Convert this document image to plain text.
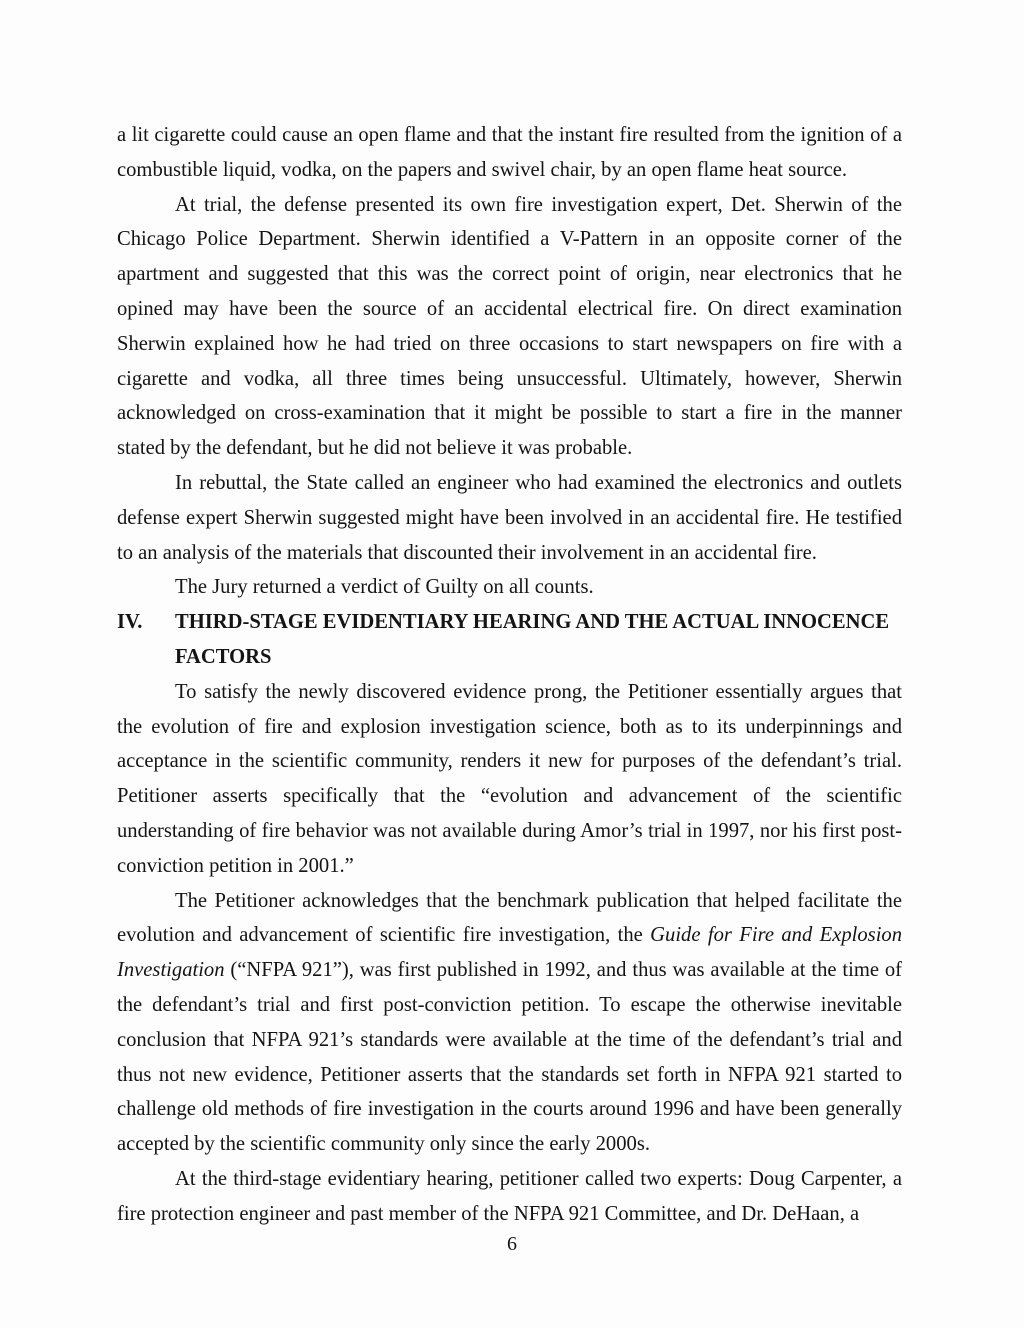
a lit cigarette could cause an open flame and that the instant fire resulted from the ignition of a combustible liquid, vodka, on the papers and swivel chair, by an open flame heat source.

At trial, the defense presented its own fire investigation expert, Det. Sherwin of the Chicago Police Department. Sherwin identified a V-Pattern in an opposite corner of the apartment and suggested that this was the correct point of origin, near electronics that he opined may have been the source of an accidental electrical fire. On direct examination Sherwin explained how he had tried on three occasions to start newspapers on fire with a cigarette and vodka, all three times being unsuccessful. Ultimately, however, Sherwin acknowledged on cross-examination that it might be possible to start a fire in the manner stated by the defendant, but he did not believe it was probable.

In rebuttal, the State called an engineer who had examined the electronics and outlets defense expert Sherwin suggested might have been involved in an accidental fire. He testified to an analysis of the materials that discounted their involvement in an accidental fire.

The Jury returned a verdict of Guilty on all counts.

IV.	THIRD-STAGE EVIDENTIARY HEARING AND THE ACTUAL INNOCENCE FACTORS

To satisfy the newly discovered evidence prong, the Petitioner essentially argues that the evolution of fire and explosion investigation science, both as to its underpinnings and acceptance in the scientific community, renders it new for purposes of the defendant’s trial. Petitioner asserts specifically that the “evolution and advancement of the scientific understanding of fire behavior was not available during Amor’s trial in 1997, nor his first post-conviction petition in 2001.”

The Petitioner acknowledges that the benchmark publication that helped facilitate the evolution and advancement of scientific fire investigation, the Guide for Fire and Explosion Investigation (“NFPA 921”), was first published in 1992, and thus was available at the time of the defendant’s trial and first post-conviction petition. To escape the otherwise inevitable conclusion that NFPA 921’s standards were available at the time of the defendant’s trial and thus not new evidence, Petitioner asserts that the standards set forth in NFPA 921 started to challenge old methods of fire investigation in the courts around 1996 and have been generally accepted by the scientific community only since the early 2000s.

At the third-stage evidentiary hearing, petitioner called two experts: Doug Carpenter, a fire protection engineer and past member of the NFPA 921 Committee, and Dr. DeHaan, a

6
